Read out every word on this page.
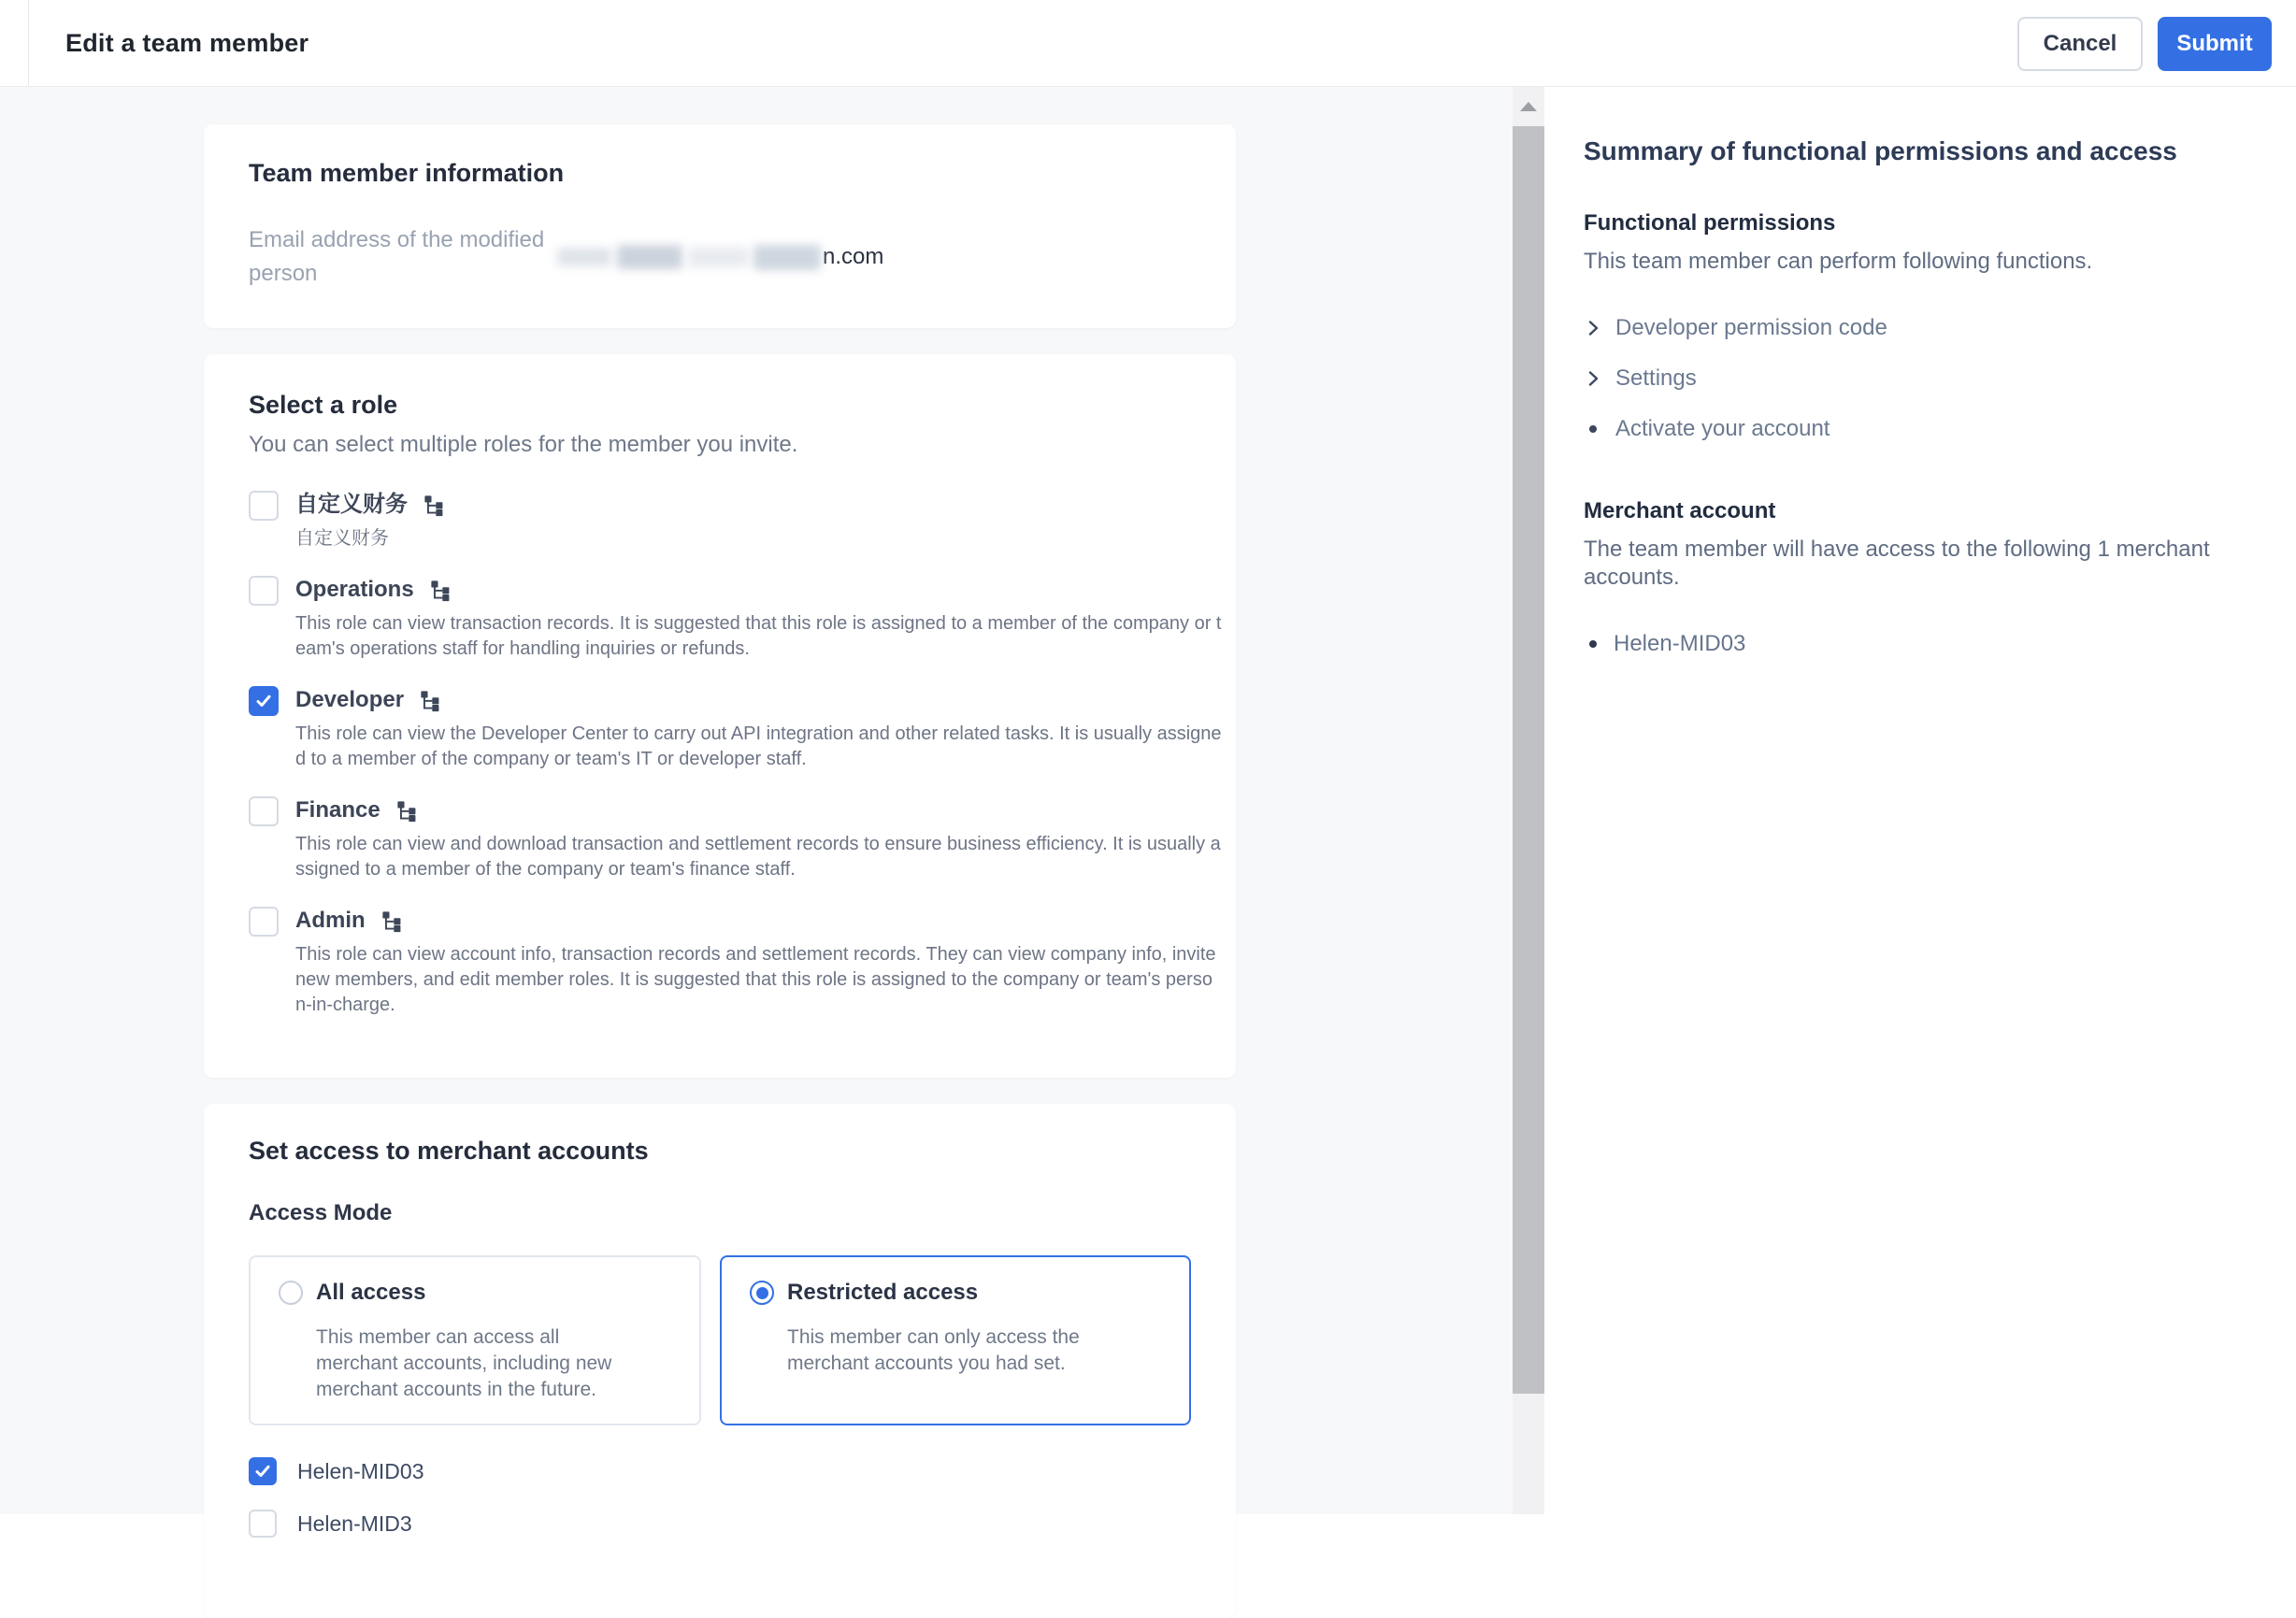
Edit a team member	Cancel	Submit
Team member information
Email address of the modified person
n.com
Select a role

You can select multiple roles for the member you invite.

自定义财务
自定义财务
Operations
This role can view transaction records. It is suggested that this role is assigned to a member of the company or team's operations staff for handling inquiries or refunds.
Developer
This role can view the Developer Center to carry out API integration and other related tasks. It is usually assigned to a member of the company or team's IT or developer staff.
Finance
This role can view and download transaction and settlement records to ensure business efficiency. It is usually assigned to a member of the company or team's finance staff.
Admin
This role can view account info, transaction records and settlement records. They can view company info, invite new members, and edit member roles. It is suggested that this role is assigned to the company or team's person-in-charge.
Set access to merchant accounts
Access Mode
All access
This member can access all merchant accounts, including new merchant accounts in the future.
Restricted access
This member can only access the merchant accounts you had set.
Helen-MID03
Helen-MID3
Summary of functional permissions and access
Functional permissions

This team member can perform following functions.

Developer permission code
Settings
Activate your account
Merchant account

The team member will have access to the following 1 merchant accounts.

Helen-MID03
